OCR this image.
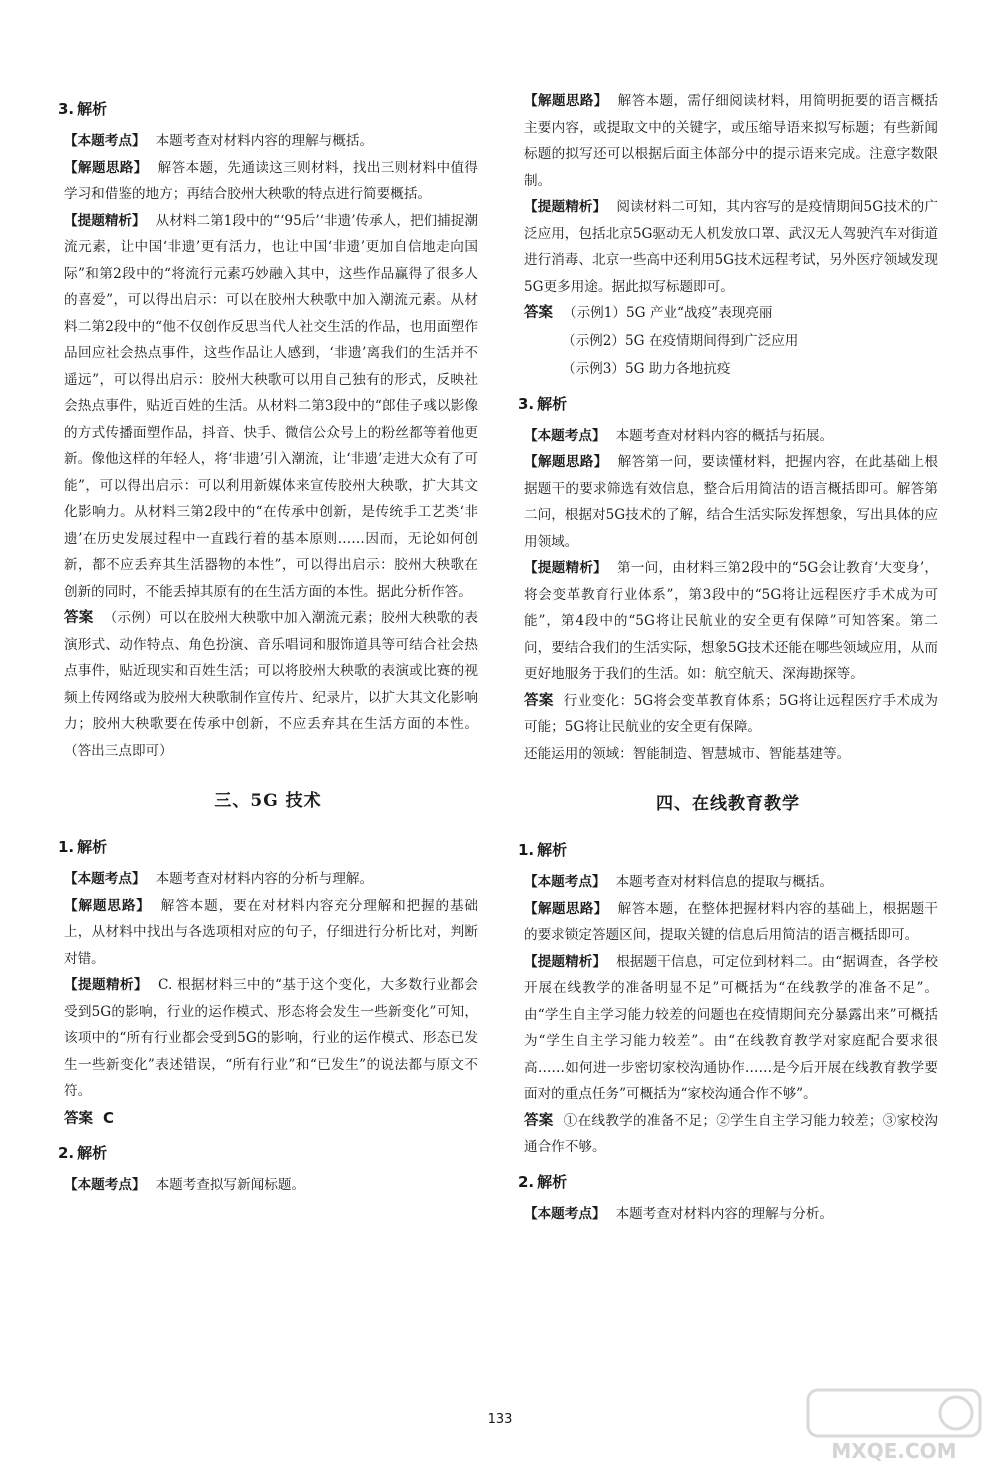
3. 解析

【本题考点】 本题考查对材料内容的理解与概括。

【解题思路】 解答本题，先通读这三则材料，找出三则材料中值得学习和借鉴的地方；再结合胶州大秧歌的特点进行简要概括。

【提题精析】 从材料二第1段中的“‘95后’‘非遗’传承人，把们捕捉潮流元素，让中国‘非遗’更有活力，也让中国‘非遗’更加自信地走向国际”和第2段中的“将流行元素巧妙融入其中，这些作品赢得了很多人的喜爱”，可以得出启示：可以在胶州大秧歌中加入潮流元素。从材料二第2段中的“他不仅创作反思当代人社交生活的作品，也用面塑作品回应社会热点事件，这些作品让人感到，‘非遗’离我们的生活并不遥远”，可以得出启示：胶州大秧歌可以用自己独有的形式，反映社会热点事件，贴近百姓的生活。从材料二第3段中的“郎佳子彧以影像的方式传播面塑作品，抖音、快手、微信公众号上的粉丝都等着他更新。像他这样的年轻人，将‘非遗’引入潮流，让‘非遗’走进大众有了可能”，可以得出启示：可以利用新媒体来宣传胶州大秧歌，扩大其文化影响力。从材料三第2段中的“在传承中创新，是传统手工艺类‘非遗’在历史发展过程中一直践行着的基本原则……因而，无论如何创新，都不应丢弃其生活器物的本性”，可以得出启示：胶州大秧歌在创新的同时，不能丢掉其原有的在生活方面的本性。据此分析作答。

答案 （示例）可以在胶州大秧歌中加入潮流元素；胶州大秧歌的表演形式、动作特点、角色扮演、音乐唱词和服饰道具等可结合社会热点事件，贴近现实和百姓生活；可以将胶州大秧歌的表演或比赛的视频上传网络或为胶州大秧歌制作宣传片、纪录片，以扩大其文化影响力；胶州大秧歌要在传承中创新，不应丢弃其在生活方面的本性。（答出三点即可）

三、5G 技术
1. 解析

【本题考点】 本题考查对材料内容的分析与理解。

【解题思路】 解答本题，要在对材料内容充分理解和把握的基础上，从材料中找出与各选项相对应的句子，仔细进行分析比对，判断对错。

【提题精析】 C. 根据材料三中的“基于这个变化，大多数行业都会受到5G的影响，行业的运作模式、形态将会发生一些新变化”可知，该项中的“所有行业都会受到5G的影响，行业的运作模式、形态已发生一些新变化”表述错误，“所有行业”和“已发生”的说法都与原文不符。

答案 C

2. 解析

【本题考点】 本题考查拟写新闻标题。

【解题思路】 解答本题，需仔细阅读材料，用简明扼要的语言概括主要内容，或提取文中的关键字，或压缩导语来拟写标题；有些新闻标题的拟写还可以根据后面主体部分中的提示语来完成。注意字数限制。

【提题精析】 阅读材料二可知，其内容写的是疫情期间5G技术的广泛应用，包括北京5G驱动无人机发放口罩、武汉无人驾驶汽车对街道进行消毒、北京一些高中还利用5G技术远程考试，另外医疗领域发现5G更多用途。据此拟写标题即可。

答案 （示例1）5G 产业“战疫”表现亮丽

（示例2）5G 在疫情期间得到广泛应用
（示例3）5G 助力各地抗疫
3. 解析

【本题考点】 本题考查对材料内容的概括与拓展。

【解题思路】 解答第一问，要读懂材料，把握内容，在此基础上根据题干的要求筛选有效信息，整合后用简洁的语言概括即可。解答第二问，根据对5G技术的了解，结合生活实际发挥想象，写出具体的应用领域。

【提题精析】 第一问，由材料三第2段中的“5G会让教育‘大变身’，将会变革教育行业体系”，第3段中的“5G将让远程医疗手术成为可能”，第4段中的“5G将让民航业的安全更有保障”可知答案。第二问，要结合我们的生活实际，想象5G技术还能在哪些领域应用，从而更好地服务于我们的生活。如：航空航天、深海勘探等。

答案 行业变化：5G将会变革教育体系；5G将让远程医疗手术成为可能；5G将让民航业的安全更有保障。

还能运用的领域：智能制造、智慧城市、智能基建等。

四、在线教育教学
1. 解析

【本题考点】 本题考查对材料信息的提取与概括。

【解题思路】 解答本题，在整体把握材料内容的基础上，根据题干的要求锁定答题区间，提取关键的信息后用简洁的语言概括即可。

【提题精析】 根据题干信息，可定位到材料二。由“据调查，各学校开展在线教学的准备明显不足”可概括为“在线教学的准备不足”。由“学生自主学习能力较差的问题也在疫情期间充分暴露出来”可概括为“学生自主学习能力较差”。由“在线教育教学对家庭配合要求很高……如何进一步密切家校沟通协作……是今后开展在线教育教学要面对的重点任务”可概括为“家校沟通合作不够”。

答案 ①在线教学的准备不足；②学生自主学习能力较差；③家校沟通合作不够。

2. 解析

【本题考点】 本题考查对材料内容的理解与分析。

133
MXQE.COM
